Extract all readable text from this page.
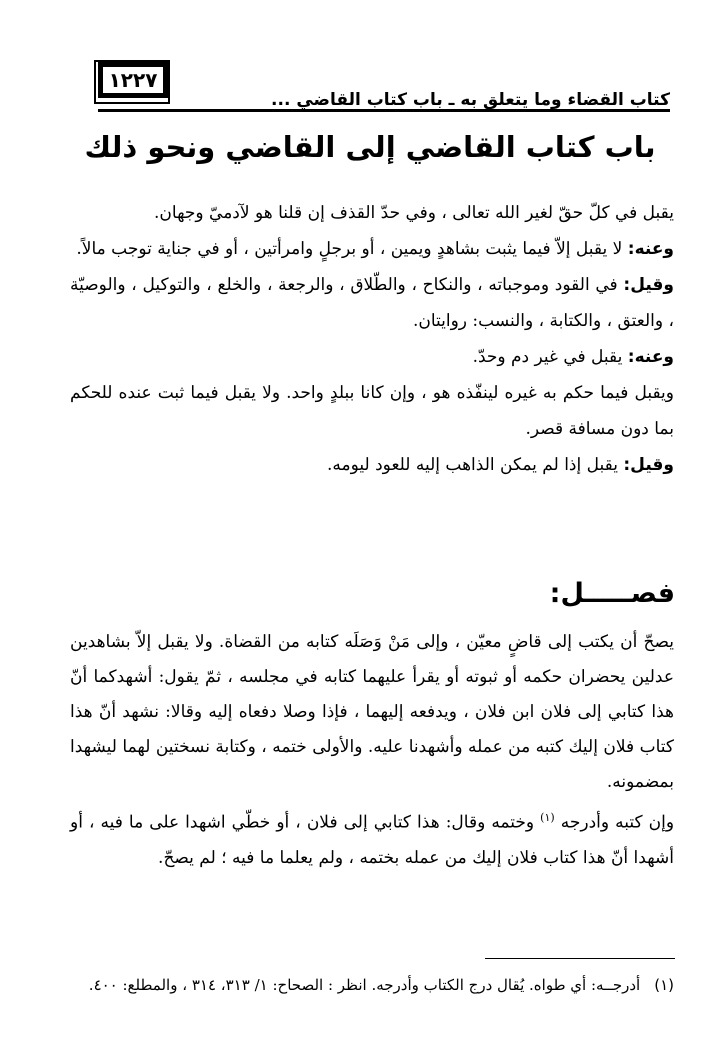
١٢٢٧
كتاب القضاء وما يتعلق به ـ باب كتاب القاضي ...
باب كتاب القاضي إلى القاضي ونحو ذلك

يقبل في كلّ حقّ لغير الله تعالى ، وفي حدّ القذف إن قلنا هو لآدميّ وجهان.

وعنه: لا يقبل إلاّ فيما يثبت بشاهدٍ ويمين ، أو برجلٍ وامرأتين ، أو في جناية توجب مالاً.

وقيل: في القود وموجباته ، والنكاح ، والطّلاق ، والرجعة ، والخلع ، والتوكيل ، والوصيّة ، والعتق ، والكتابة ، والنسب: روايتان.

وعنه: يقبل في غير دم وحدّ.

ويقبل فيما حكم به غيره لينفّذه هو ، وإن كانا ببلدٍ واحد. ولا يقبل فيما ثبت عنده للحكم بما دون مسافة قصر.

وقيل: يقبل إذا لم يمكن الذاهب إليه للعود ليومه.

فصـــــل:

يصحّ أن يكتب إلى قاضٍ معيّن ، وإلى مَنْ وَصَلَه كتابه من القضاة. ولا يقبل إلاّ بشاهدين عدلين يحضران حكمه أو ثبوته أو يقرأ عليهما كتابه في مجلسه ، ثمّ يقول: أشهدكما أنّ هذا كتابي إلى فلان ابن فلان ، ويدفعه إليهما ، فإذا وصلا دفعاه إليه وقالا: نشهد أنّ هذا كتاب فلان إليك كتبه من عمله وأشهدنا عليه. والأولى ختمه ، وكتابة نسختين لهما ليشهدا بمضمونه.

وإن كتبه وأدرجه $^{(١)}$ وختمه وقال: هذا كتابي إلى فلان ، أو خطّي اشهدا على ما فيه ، أو أشهدا أنّ هذا كتاب فلان إليك من عمله بختمه ، ولم يعلما ما فيه ؛ لم يصحّ.

(١)أدرجــه: أي طواه. يُقال درج الكتاب وأدرجه. انظر : الصحاح: ١/ ٣١٣، ٣١٤ ، والمطلع: ٤٠٠.
